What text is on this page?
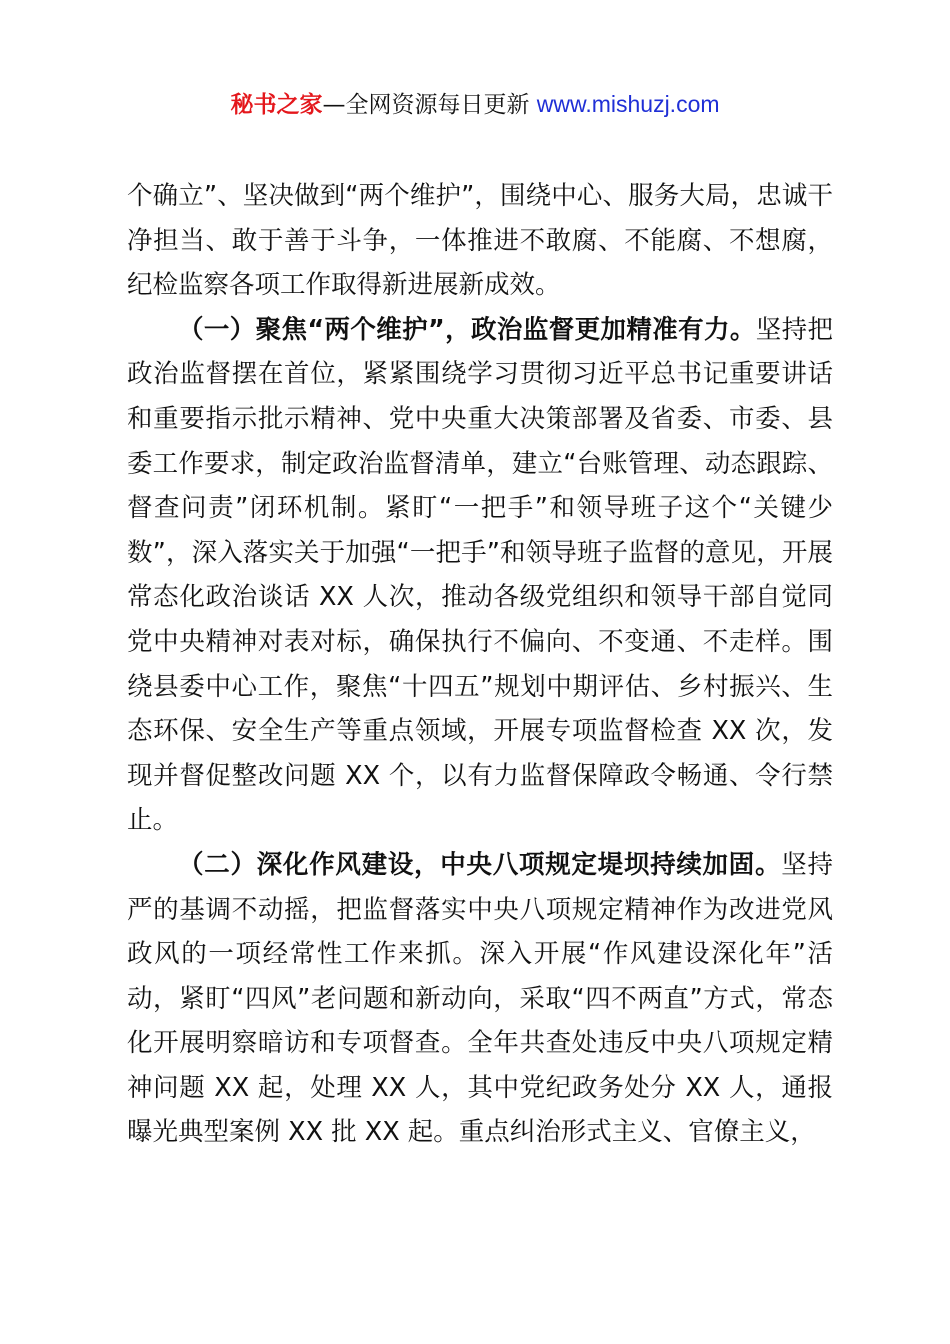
秘书之家—全网资源每日更新 www.mishuzj.com

个确立”、坚决做到“两个维护”，围绕中心、服务大局，忠诚干净担当、敢于善于斗争，一体推进不敢腐、不能腐、不想腐，纪检监察各项工作取得新进展新成效。

（一）聚焦“两个维护”，政治监督更加精准有力。坚持把政治监督摆在首位，紧紧围绕学习贯彻习近平总书记重要讲话和重要指示批示精神、党中央重大决策部署及省委、市委、县委工作要求，制定政治监督清单，建立“台账管理、动态跟踪、督查问责”闭环机制。紧盯“一把手”和领导班子这个“关键少数”，深入落实关于加强“一把手”和领导班子监督的意见，开展常态化政治谈话 XX 人次，推动各级党组织和领导干部自觉同党中央精神对表对标，确保执行不偏向、不变通、不走样。围绕县委中心工作，聚焦“十四五”规划中期评估、乡村振兴、生态环保、安全生产等重点领域，开展专项监督检查 XX 次，发现并督促整改问题 XX 个，以有力监督保障政令畅通、令行禁止。

（二）深化作风建设，中央八项规定堤坝持续加固。坚持严的基调不动摇，把监督落实中央八项规定精神作为改进党风政风的一项经常性工作来抓。深入开展“作风建设深化年”活动，紧盯“四风”老问题和新动向，采取“四不两直”方式，常态化开展明察暗访和专项督查。全年共查处违反中央八项规定精神问题 XX 起，处理 XX 人，其中党纪政务处分 XX 人，通报曝光典型案例 XX 批 XX 起。重点纠治形式主义、官僚主义，
